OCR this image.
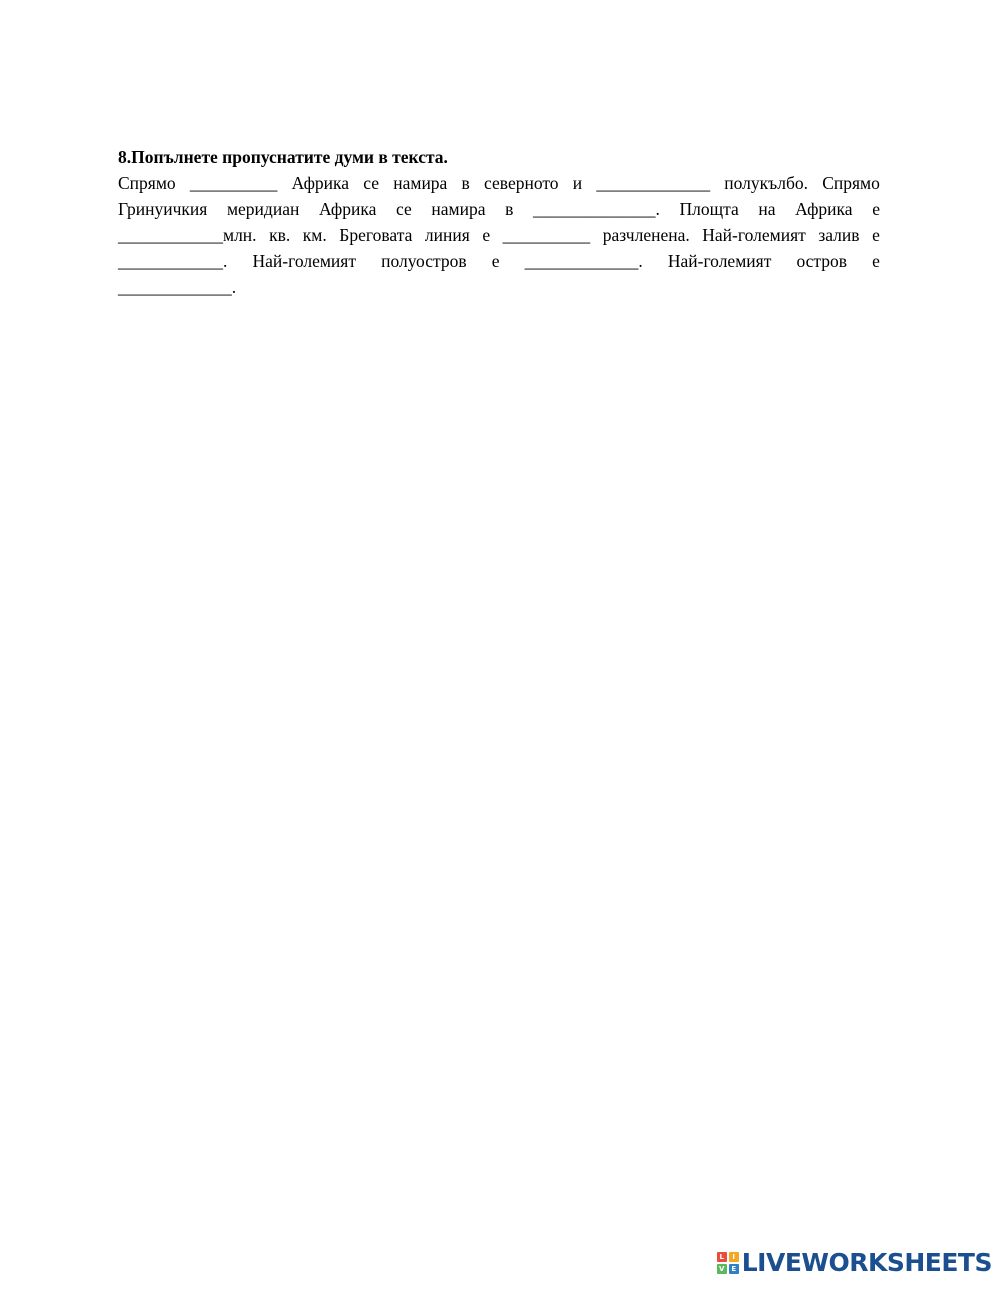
8.Попълнете пропуснатите думи в текста.

Спрямо __________ Африка се намира в северното и _____________ полукълбо. Спрямо
Гринуичкия меридиан Африка се намира в ______________. Площта на Африка е
____________млн. кв. км. Бреговата линия е __________ разчленена. Най-големият залив е
____________. Най-големият полуостров е _____________. Най-големият остров е
_____________.
L	I
V E LIVEWORKSHEETS
